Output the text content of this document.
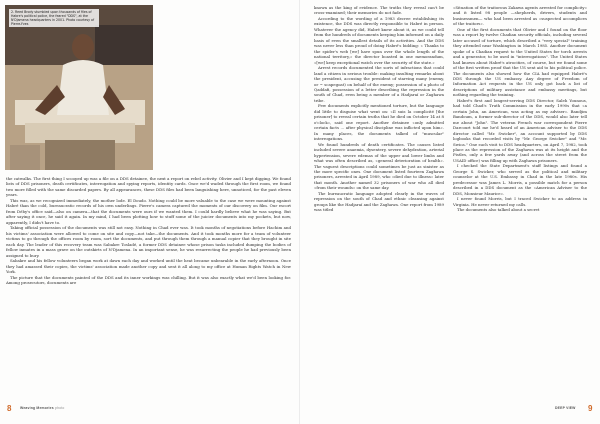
2. Reed Brody stumbled upon thousands of files of Habre's political police, the feared "DDS", at the N'Djamena headquarters in 2001. Photo courtesy of Pierre-Yves

the catwalks. The first thing I scooped up was a file on a DDS detainee, the next a report on rebel activity. Olivier and I kept digging. We found lists of DDS prisoners, death certificates, interrogation and spying reports, identity cards. Once we'd waded through the first room, we found two more filled with the same discarded papers. By all appearances, these DDS files had been languishing here, unnoticed, for the past eleven years.

This was, as we recognized immediately, the mother lode. El Doudo. Nothing could be more valuable to the case we were mounting against Habré than the cold, bureaucratic records of his own underlings. Pierre's camera captured the moments of our discovery on film. Our escort from Déby's office said—also on camera—that the documents were ours if we wanted them. I could hardly believe what he was saying. But after saying it once, he said it again. In my mind, I had been plotting how to stuff some of the juicier documents into my pockets, but now, apparently, I didn't have to.

Taking official possession of the documents was still not easy. Nothing in Chad ever was. It took months of negotiations before Hachim and his victims' association were allowed to come on site and copy—not take—the documents. And it took months more for a team of volunteer victims to go through the offices room by room, sort the documents, and put through them through a manual copier that they brought in site each day. The leader of this recovery team was Sabakre Tosladé, a former DDS detainee whose prison tasks included dumping the bodies of fellow inmates in a mass grave on the outskirts of N'Djamena. In an important sense, he was resurrecting the people he had previously been assigned to bury.

Sabakre and his fellow volunteers began work at dawn each day and worked until the heat became unbearable in the early afternoon. Once they had amassed their copies, the victims' association made another copy and sent it all along to my office at Human Rights Watch in New York.

The picture that the documents painted of the DDS and its inner workings was chilling. But it was also exactly what we'd been looking for. Among prosecutors, documents are

8	Weaving Memories photo

known as the king of evidence. The truths they reveal can't be cross-examined; their memories do not fade.

According to the wording of a 1983 decree establishing its existence, the DDS was directly responsible to Habré in person. Whatever the agency did, Habré knew about it, as we could tell from the hundreds of documents keeping him informed on a daily basis of even the smallest details of its activities. And the DDS was never less than proud of doing Habré's bidding: « Thanks to the spider's web [we] have spun over the whole length of the national territory,» the director boasted in one memorandum, «[we] keep exceptional watch over the security of the state.»

Arrest records documented the sorts of infractions that could land a citizen in serious trouble: making insulting remarks about the president, accusing the president of starving many (enemy, or ~ scapegoat) on behalf of the enemy; possession of a photo of Qaddafi, possession of a letter describing the repression in the south of Chad, even being a member of a Hadjaraï or Zaghawa tribe.

Few documents explicitly mentioned torture, but the language did little to disguise what went on: «Il suis la complicité [the prisoner] to reveal certain truths that he died on October 14 at 8 o'clock», said one report. Another detainee «only admitted certain facts ... after physical discipline was inflicted upon him». In many places, the documents talked of "muscular" interrogations.

We found hundreds of death certificates. The causes listed included severe anaemia, dysentery, severe dehydration, arterial hypertension, severe edemas of the upper and lower limbs and what was often described as, «general deterioration of health». The vaguest descriptions could sometimes be just as sinister as the more specific ones. One document listed fourteen Zaghawa prisoners, arrested in April 1989, who «died due to illness» later that month. Another named 32 prisoners of war who all died «from their wounds» on the same day.

The bureaucratic language adopted clearly in the waves of repression on the south of Chad and ethnic cleansing against groups like the Hadjaraï and the Zaghawa. One report from 1989 was titled

«Situation of the traitorous Zakawa agents arrested for complicity» and it listed 98 people —shepherds, drivers, students and businessmen— who had been arrested as «suspected accomplices of the traitors».

One of the first documents that Olivier and I found on the floor was a report by twelve Chadian security officials, including several later accused of torture, which described a "very special" training they attended near Washington in March 1985. Another document spoke of a Chadian request to the United States for torch arrests and a generator, to be used in "interrogations". The United States had known about Habré's atrocities, of course, but we found some of the first written proof that the US sent aid to his political police. The documents also showed how the CIA had equipped Habré's DDS through the US embassy. Any degree of Freedom of Information Act requests in the US only got back a list of descriptions of military assistance and embassy meetings, but nothing regarding the training.

Habré's first and longest-serving DDS Director, Saleh Younous, had told Chad's Truth Commission in the early 1990s that «a certain John, an American, was acting as my adviser». Bandjim Bandoum, a former sub-director of the DDS, would also later tell me about "John". The veteran French war correspondent Pierre Darcourt told me he'd heard of an American adviser to the DDS director called "Mr. Swicker", an account supported by DDS logbooks that recorded visits by "Mr. George Swicker" and "Mr. Swica." One such visit to DDS headquarters, on April 7, 1982, took place as the repression of the Zaghawa was at its height and the Pistles, only a few yards away (and across the street from the USAID office) was filling up with Zaghawa prisoners.

I checked the State Department's staff listings and found a George S. Swicker, who served as the political and military counselor at the U.S. Embassy in Chad in the late 1980s. His predecessor was James L. Morris, a possible match for a person described in a DDS document as the «American Adviser to the DDS, Monsieur Maurice».

I never found Morris, but I traced Swicker to an address in Virginia. He never returned my calls.

The documents also talked about a secret

DEEP VIEW 9
